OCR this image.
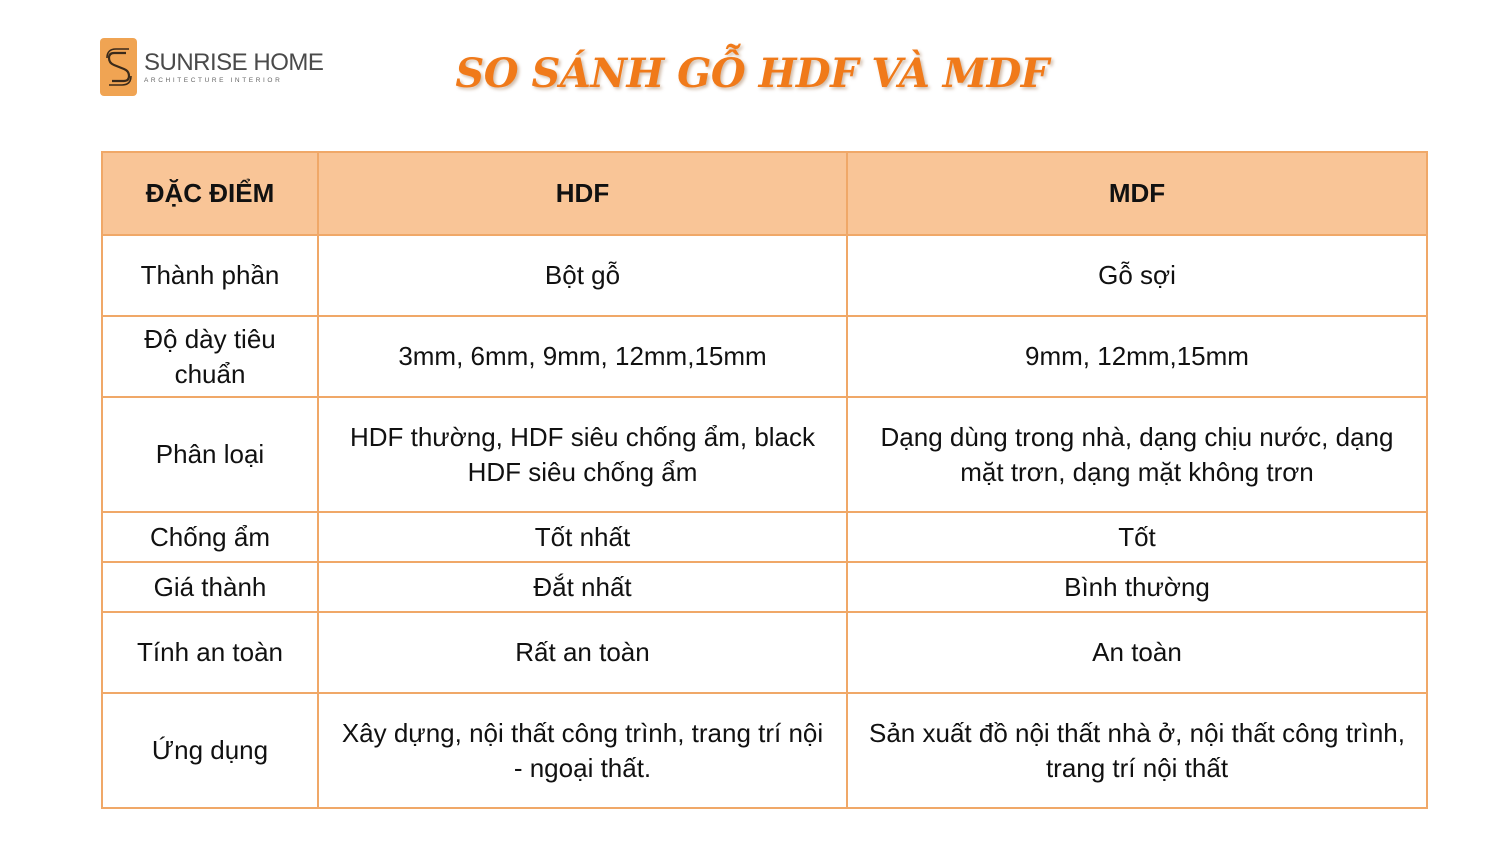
SUNRISE HOME
ARCHITECTURE INTERIOR	SO SÁNH GỖ HDF VÀ MDF
ĐẶC ĐIỂM	HDF	MDF
Thành phần	Bột gỗ	Gỗ sợi
Độ dày tiêu chuẩn	3mm, 6mm, 9mm, 12mm,15mm	9mm, 12mm,15mm
Phân loại	HDF thường, HDF siêu chống ẩm, black HDF siêu chống ẩm	Dạng dùng trong nhà, dạng chịu nước, dạng mặt trơn, dạng mặt không trơn
Chống ẩm	Tốt nhất	Tốt
Giá thành	Đắt nhất	Bình thường
Tính an toàn	Rất an toàn	An toàn
Ứng dụng	Xây dựng, nội thất công trình, trang trí nội - ngoại thất.	Sản xuất đồ nội thất nhà ở, nội thất công trình, trang trí nội thất
